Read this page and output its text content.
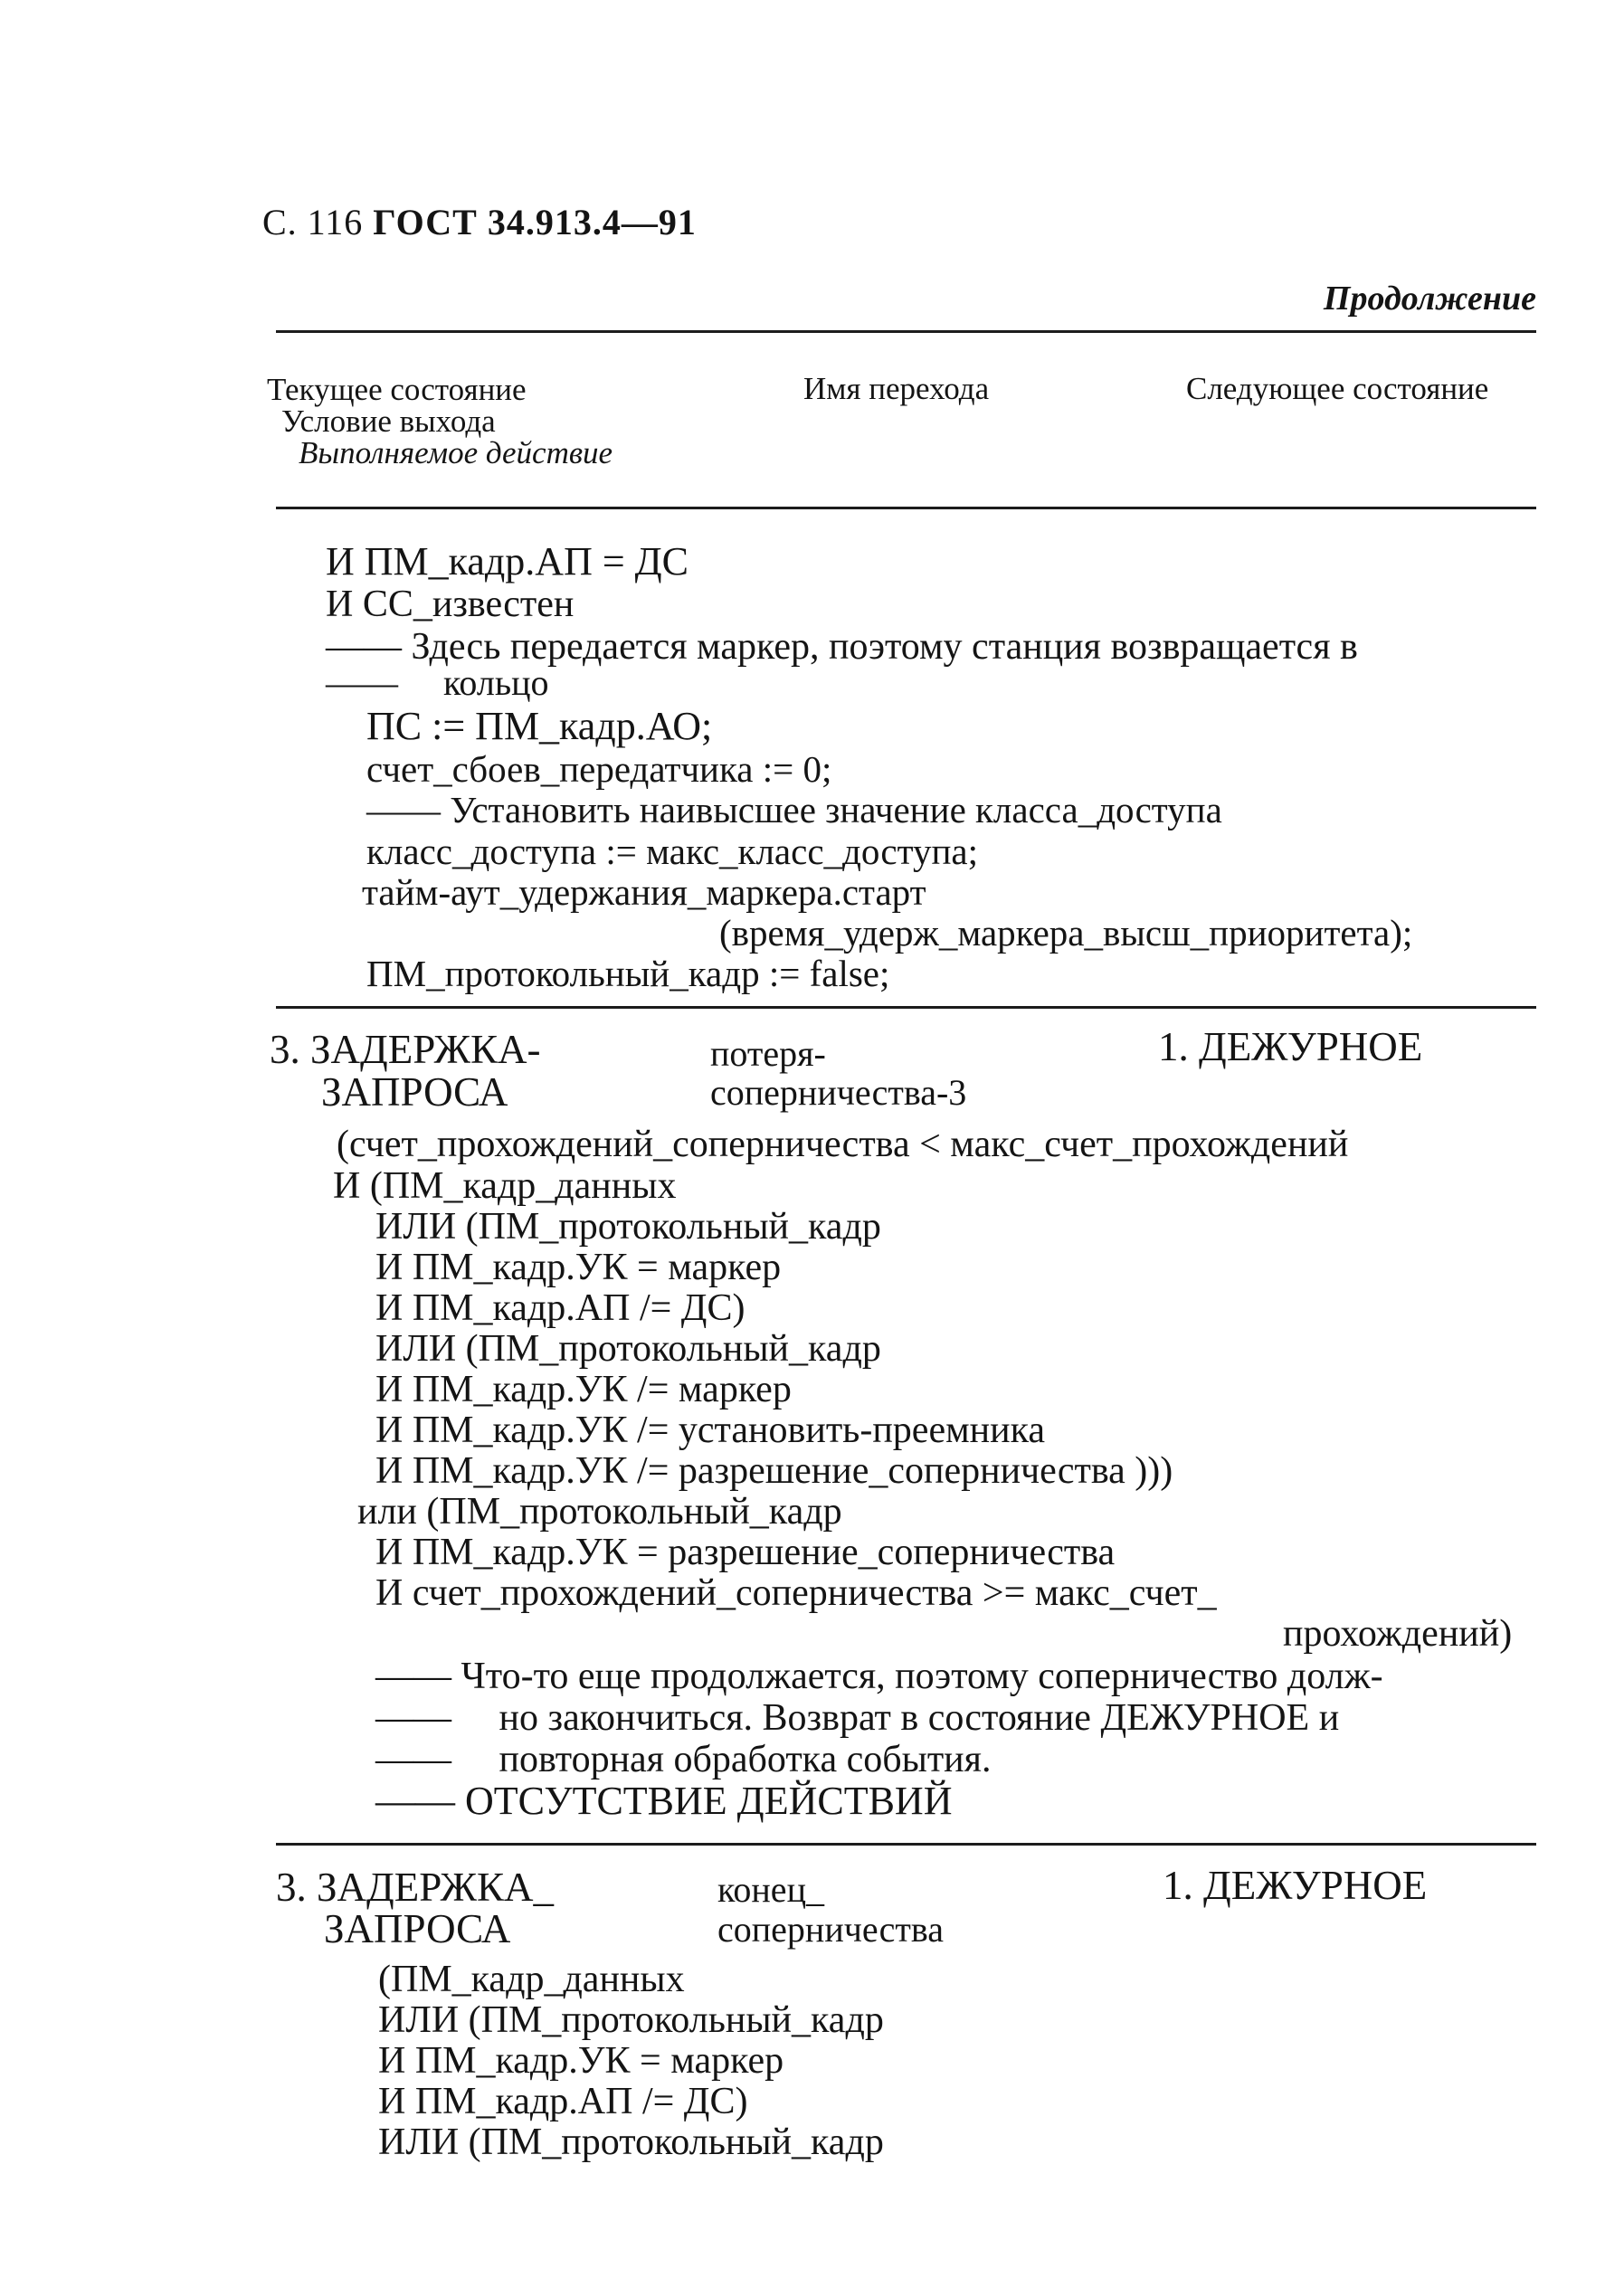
С. 116 ГОСТ 34.913.4—91
Продолжение
Текущее состояние
Условие выхода
Выполняемое действие
Имя перехода	Следующее состояние
И ПМ_кадр.АП = ДС
И СС_известен
—— Здесь передается маркер, поэтому станция возвращается в
——     кольцо
ПС := ПМ_кадр.АО;
счет_сбоев_передатчика := 0;
—— Установить наивысшее значение класса_доступа
класс_доступа := макс_класс_доступа;
тайм-аут_удержания_маркера.старт
(время_удерж_маркера_высш_приоритета);
ПМ_протокольный_кадр := false;
3. ЗАДЕРЖКА-
ЗАПРОСА
потеря-
соперничества-3
1. ДЕЖУРНОЕ
(счет_прохождений_соперничества < макс_счет_прохождений
И (ПМ_кадр_данных
ИЛИ (ПМ_протокольный_кадр
И ПМ_кадр.УК = маркер
И ПМ_кадр.АП /= ДС)
ИЛИ (ПМ_протокольный_кадр
И ПМ_кадр.УК /= маркер
И ПМ_кадр.УК /= установить-преемника
И ПМ_кадр.УК /= разрешение_соперничества )))
или (ПМ_протокольный_кадр
И ПМ_кадр.УК = разрешение_соперничества
И счет_прохождений_соперничества >= макс_счет_
прохождений)
—— Что-то еще продолжается, поэтому соперничество долж-
——     но закончиться. Возврат в состояние ДЕЖУРНОЕ и
——     повторная обработка события.
—— ОТСУТСТВИЕ ДЕЙСТВИЙ
3. ЗАДЕРЖКА_
ЗАПРОСА
конец_
соперничества
1. ДЕЖУРНОЕ
(ПМ_кадр_данных
ИЛИ (ПМ_протокольный_кадр
И ПМ_кадр.УК = маркер
И ПМ_кадр.АП /= ДС)
ИЛИ (ПМ_протокольный_кадр
